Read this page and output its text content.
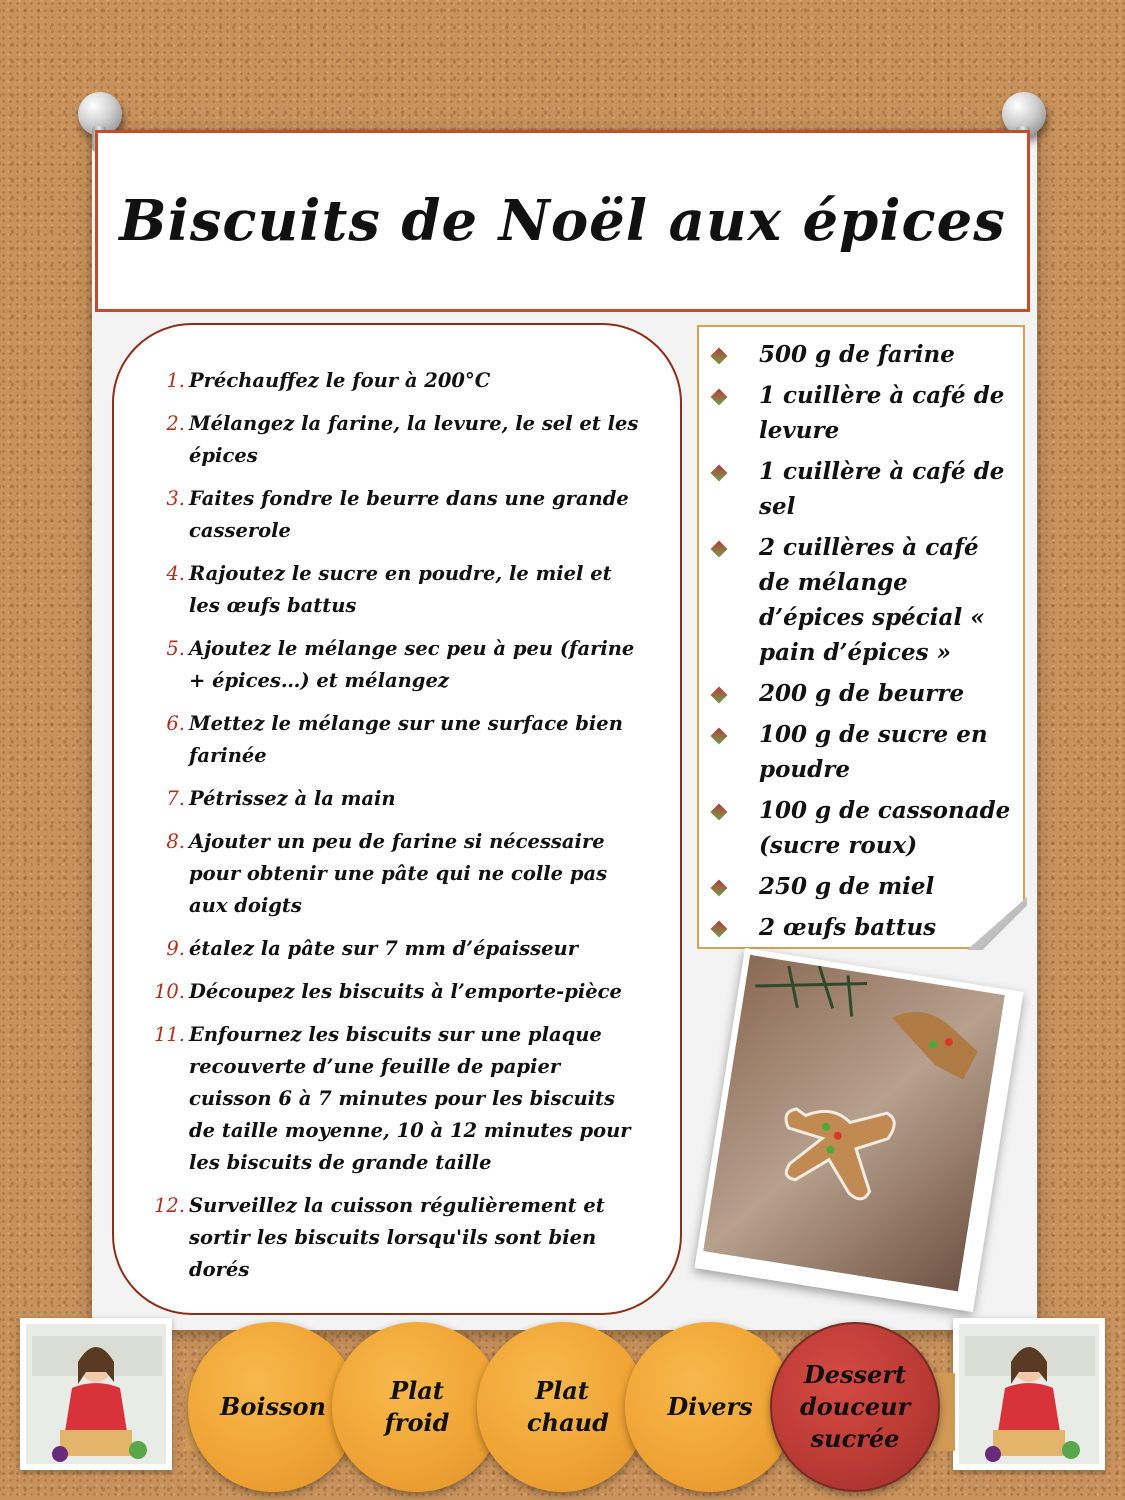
Biscuits de Noël aux épices
1. Préchauffez le four à 200°C
2. Mélangez la farine, la levure, le sel et les épices
3. Faites fondre le beurre dans une grande casserole
4. Rajoutez le sucre en poudre, le miel et les œufs battus
5. Ajoutez le mélange sec peu à peu (farine + épices…) et mélangez
6. Mettez le mélange sur une surface bien farinée
7. Pétrissez à la main
8. Ajouter un peu de farine si nécessaire pour obtenir une pâte qui ne colle pas aux doigts
9. étalez la pâte sur 7 mm d’épaisseur
10. Découpez les biscuits à l’emporte-pièce
11. Enfournez les biscuits sur une plaque recouverte d’une feuille de papier cuisson 6 à 7 minutes pour les biscuits de taille moyenne, 10 à 12 minutes pour les biscuits de grande taille
12. Surveillez la cuisson régulièrement et sortir les biscuits lorsqu'ils sont bien dorés
500 g de farine
1 cuillère à café de levure
1 cuillère à café de sel
2 cuillères à café de mélange d’épices spécial « pain d’épices »
200 g de beurre
100 g de sucre en poudre
100 g de cassonade (sucre roux)
250 g de miel
2 œufs battus
Boisson
Plat froid
Plat chaud
Divers
Dessert douceur sucrée
